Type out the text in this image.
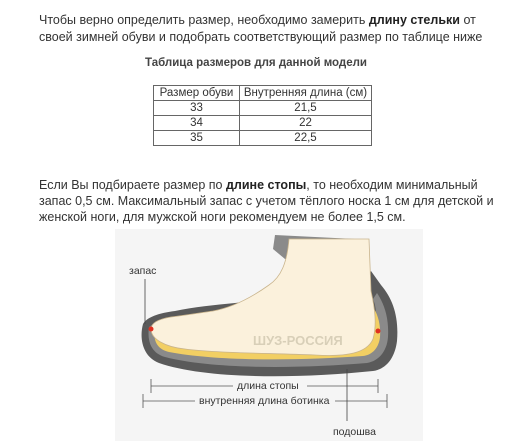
Чтобы верно определить размер, необходимо замерить длину стельки от своей зимней обуви и подобрать соответствующий размер по таблице ниже

Таблица размеров для данной модели
Размер обуви	Внутренняя длина (см)
33	21,5
34	22
35	22,5

Если Вы подбираете размер по длине стопы, то необходим минимальный запас 0,5 см. Максимальный запас с учетом тёплого носка 1 см для детской и женской ноги, для мужской ноги рекомендуем не более 1,5 см.

ШУЗ-РОССИЯ
запас
длина стопы
внутренняя длина ботинка
подошва
